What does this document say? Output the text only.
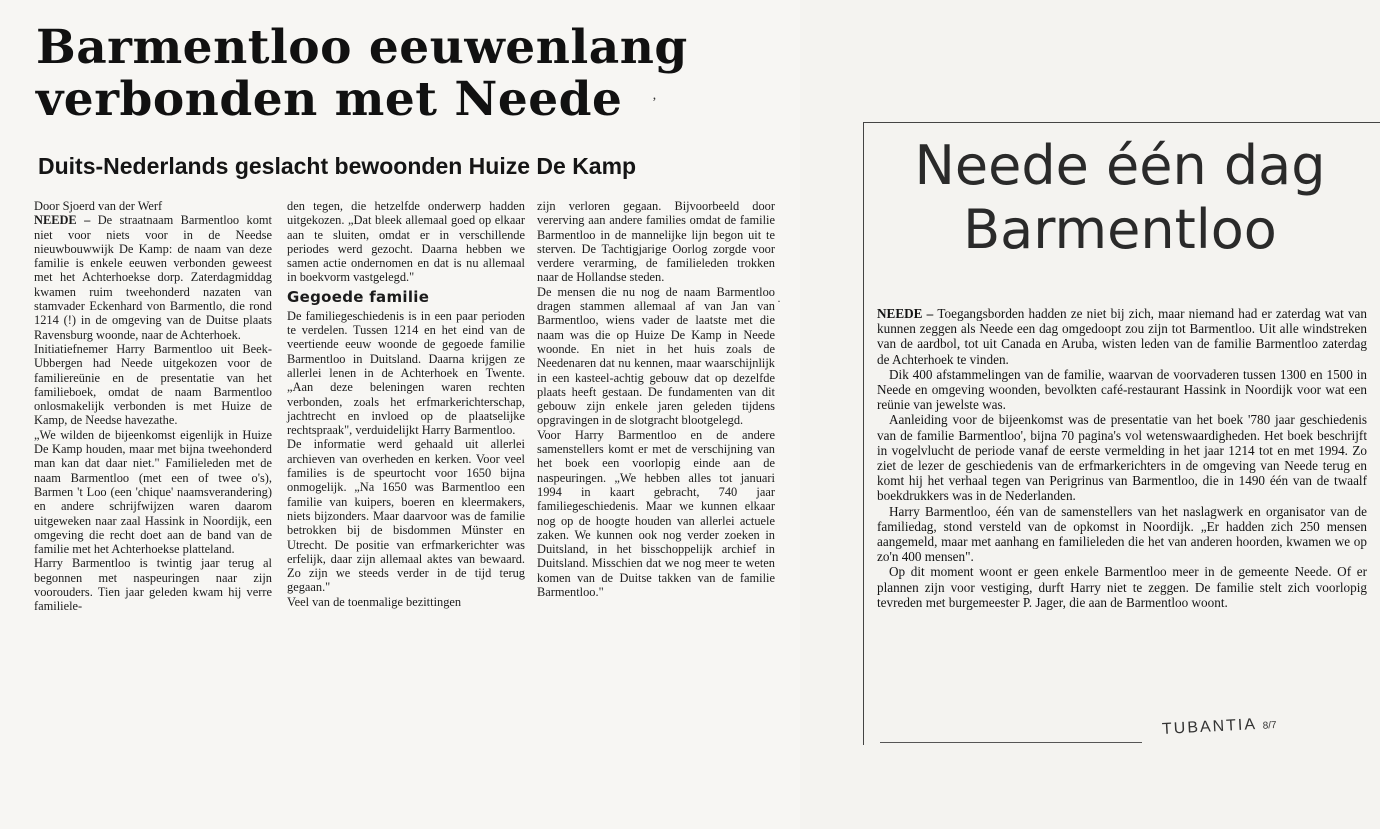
Barmentloo eeuwenlang verbonden met Neede	‚
Duits-Nederlands geslacht bewoonden Huize De Kamp

Door Sjoerd van der Werf

NEEDE – De straatnaam Barmentloo komt niet voor niets voor in de Needse nieuwbouwwijk De Kamp: de naam van deze familie is enkele eeuwen verbonden geweest met het Achterhoekse dorp. Zaterdagmiddag kwamen ruim tweehonderd nazaten van stamvader Eckenhard von Barmentlo, die rond 1214 (!) in de omgeving van de Duitse plaats Ravensburg woonde, naar de Achterhoek.

Initiatiefnemer Harry Barmentloo uit Beek-Ubbergen had Neede uitgekozen voor de familiereünie en de presentatie van het familieboek, omdat de naam Barmentloo onlosmakelijk verbonden is met Huize de Kamp, de Needse havezathe.

„We wilden de bijeenkomst eigenlijk in Huize De Kamp houden, maar met bijna tweehonderd man kan dat daar niet." Familieleden met de naam Barmentloo (met een of twee o's), Barmen 't Loo (een 'chique' naamsverandering) en andere schrijfwijzen waren daarom uitgeweken naar zaal Hassink in Noordijk, een omgeving die recht doet aan de band van de familie met het Achterhoekse platteland.

Harry Barmentloo is twintig jaar terug al begonnen met naspeuringen naar zijn voorouders. Tien jaar geleden kwam hij verre familiele-

den tegen, die hetzelfde onderwerp hadden uitgekozen. „Dat bleek allemaal goed op elkaar aan te sluiten, omdat er in verschillende periodes werd gezocht. Daarna hebben we samen actie ondernomen en dat is nu allemaal in boekvorm vastgelegd."

Gegoede familie

De familiegeschiedenis is in een paar perioden te verdelen. Tussen 1214 en het eind van de veertiende eeuw woonde de gegoede familie Barmentloo in Duitsland. Daarna krijgen ze allerlei lenen in de Achterhoek en Twente. „Aan deze beleningen waren rechten verbonden, zoals het erfmarkerichterschap, jachtrecht en invloed op de plaatselijke rechtspraak", verduidelijkt Harry Barmentloo.

De informatie werd gehaald uit allerlei archieven van overheden en kerken. Voor veel families is de speurtocht voor 1650 bijna onmogelijk. „Na 1650 was Barmentloo een familie van kuipers, boeren en kleermakers, niets bijzonders. Maar daarvoor was de familie betrokken bij de bisdommen Münster en Utrecht. De positie van erfmarkerichter was erfelijk, daar zijn allemaal aktes van bewaard. Zo zijn we steeds verder in de tijd terug gegaan."

Veel van de toenmalige bezittingen

zijn verloren gegaan. Bijvoorbeeld door vererving aan andere families omdat de familie Barmentloo in de mannelijke lijn begon uit te sterven. De Tachtigjarige Oorlog zorgde voor verdere verarming, de familieleden trokken naar de Hollandse steden.

De mensen die nu nog de naam Barmentloo dragen stammen allemaal af van Jan van Barmentloo, wiens vader de laatste met die naam was die op Huize De Kamp in Neede woonde. En niet in het huis zoals de Needenaren dat nu kennen, maar waarschijnlijk in een kasteel-achtig gebouw dat op dezelfde plaats heeft gestaan. De fundamenten van dit gebouw zijn enkele jaren geleden tijdens opgravingen in de slotgracht blootgelegd.

Voor Harry Barmentloo en de andere samenstellers komt er met de verschijning van het boek een voorlopig einde aan de naspeuringen. „We hebben alles tot januari 1994 in kaart gebracht, 740 jaar familiegeschiedenis. Maar we kunnen elkaar nog op de hoogte houden van allerlei actuele zaken. We kunnen ook nog verder zoeken in Duitsland, in het bisschoppelijk archief in Duitsland. Misschien dat we nog meer te weten komen van de Duitse takken van de familie Barmentloo."

·
Neede één dag Barmentloo

NEEDE – Toegangsborden hadden ze niet bij zich, maar niemand had er zaterdag wat van kunnen zeggen als Neede een dag omgedoopt zou zijn tot Barmentloo. Uit alle windstreken van de aardbol, tot uit Canada en Aruba, wisten leden van de familie Barmentloo zaterdag de Achterhoek te vinden.

Dik 400 afstammelingen van de familie, waarvan de voorvaderen tussen 1300 en 1500 in Neede en omgeving woonden, bevolkten café-restaurant Hassink in Noordijk voor wat een reünie van jewelste was.

Aanleiding voor de bijeenkomst was de presentatie van het boek '780 jaar geschiedenis van de familie Barmentloo', bijna 70 pagina's vol wetenswaardigheden. Het boek beschrijft in vogelvlucht de periode vanaf de eerste vermelding in het jaar 1214 tot en met 1994. Zo ziet de lezer de geschiedenis van de erfmarkerichters in de omgeving van Neede terug en komt hij het verhaal tegen van Perigrinus van Barmentloo, die in 1490 één van de twaalf boekdrukkers was in de Nederlanden.

Harry Barmentloo, één van de samenstellers van het naslagwerk en organisator van de familiedag, stond versteld van de opkomst in Noordijk. „Er hadden zich 250 mensen aangemeld, maar met aanhang en familieleden die het van anderen hoorden, kwamen we op zo'n 400 mensen".

Op dit moment woont er geen enkele Barmentloo meer in de gemeente Neede. Of er plannen zijn voor vestiging, durft Harry niet te zeggen. De familie stelt zich voorlopig tevreden met burgemeester P. Jager, die aan de Barmentloo woont.

TUBANTIA 8/7
